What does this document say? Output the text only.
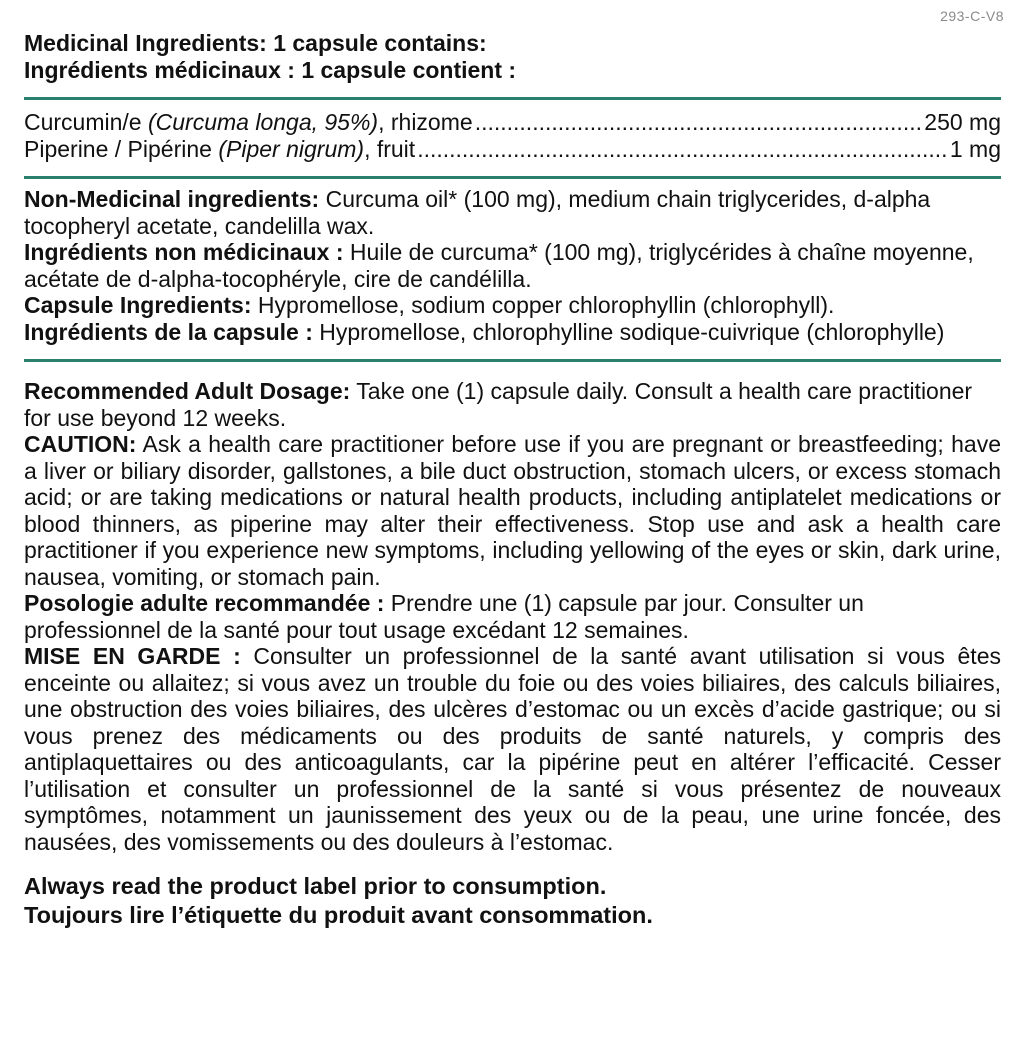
293-C-V8
Medicinal Ingredients: 1 capsule contains:
Ingrédients médicinaux : 1 capsule contient :
Curcumin/e (Curcuma longa, 95%), rhizome .....	250 mg
Piperine / Pipérine (Piper nigrum), fruit .....	1 mg

Non-Medicinal ingredients: Curcuma oil* (100 mg), medium chain triglycerides, d-alpha tocopheryl acetate, candelilla wax.

Ingrédients non médicinaux : Huile de curcuma* (100 mg), triglycérides à chaîne moyenne, acétate de d-alpha-tocophéryle, cire de candélilla.

Capsule Ingredients: Hypromellose, sodium copper chlorophyllin (chlorophyll).

Ingrédients de la capsule : Hypromellose, chlorophylline sodique-cuivrique (chlorophylle)

Recommended Adult Dosage: Take one (1) capsule daily. Consult a health care practitioner for use beyond 12 weeks.

CAUTION: Ask a health care practitioner before use if you are pregnant or breastfeeding; have a liver or biliary disorder, gallstones, a bile duct obstruction, stomach ulcers, or excess stomach acid; or are taking medications or natural health products, including antiplatelet medications or blood thinners, as piperine may alter their effectiveness. Stop use and ask a health care practitioner if you experience new symptoms, including yellowing of the eyes or skin, dark urine, nausea, vomiting, or stomach pain.

Posologie adulte recommandée : Prendre une (1) capsule par jour. Consulter un professionnel de la santé pour tout usage excédant 12 semaines.

MISE EN GARDE : Consulter un professionnel de la santé avant utilisation si vous êtes enceinte ou allaitez; si vous avez un trouble du foie ou des voies biliaires, des calculs biliaires, une obstruction des voies biliaires, des ulcères d’estomac ou un excès d’acide gastrique; ou si vous prenez des médicaments ou des produits de santé naturels, y compris des antiplaquettaires ou des anticoagulants, car la pipérine peut en altérer l’efficacité. Cesser l’utilisation et consulter un professionnel de la santé si vous présentez de nouveaux symptômes, notamment un jaunissement des yeux ou de la peau, une urine foncée, des nausées, des vomissements ou des douleurs à l’estomac.

Always read the product label prior to consumption.
Toujours lire l’étiquette du produit avant consommation.
